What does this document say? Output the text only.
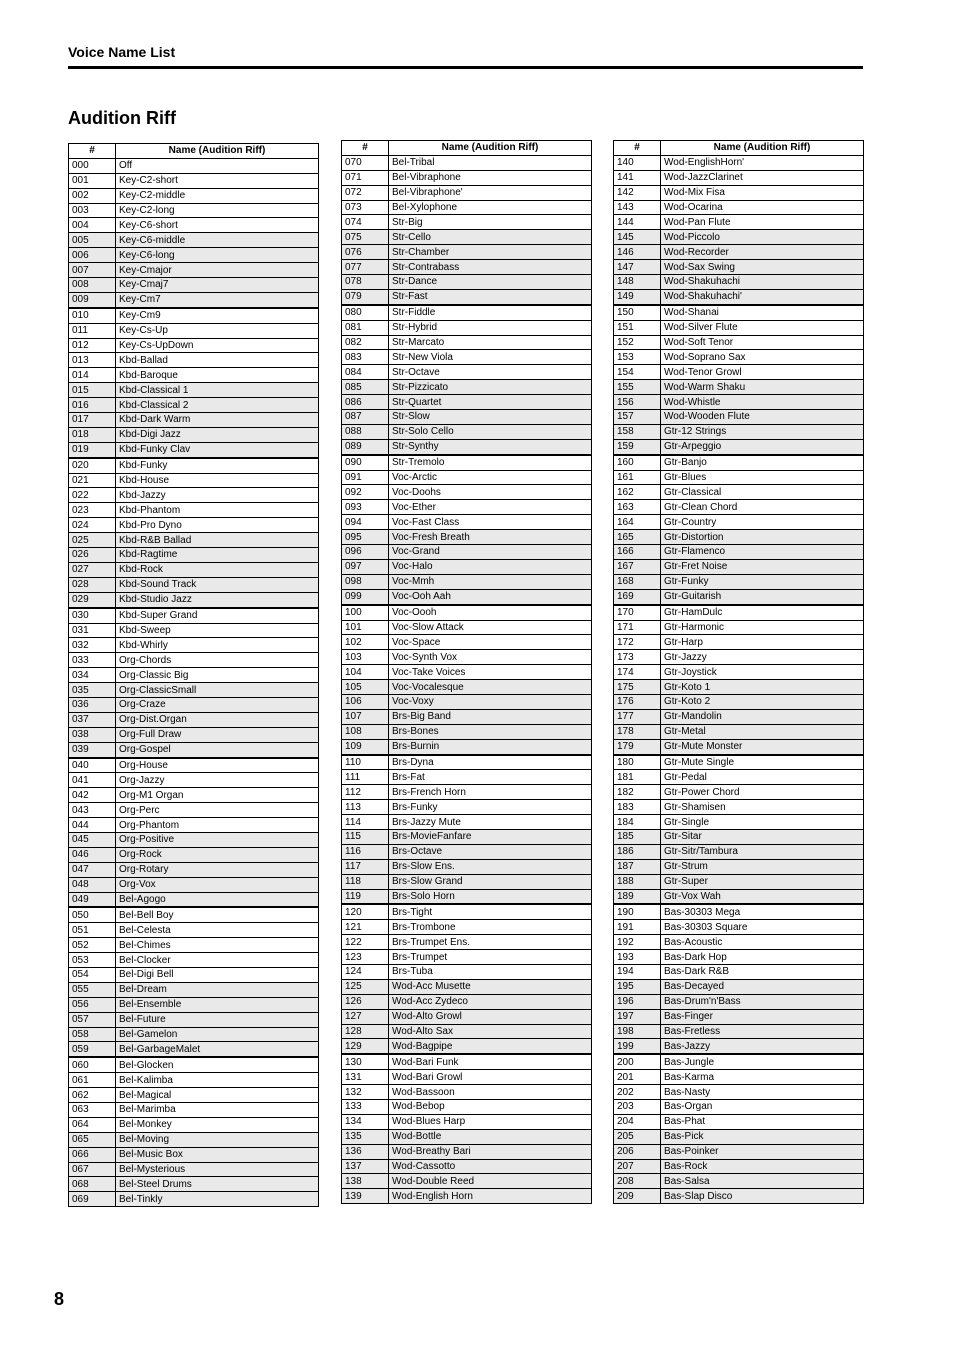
Voice Name List
Audition Riff
#	Name (Audition Riff)
000	Off
001	Key-C2-short
002	Key-C2-middle
003	Key-C2-long
004	Key-C6-short
005	Key-C6-middle
006	Key-C6-long
007	Key-Cmajor
008	Key-Cmaj7
009	Key-Cm7
010	Key-Cm9
011	Key-Cs-Up
012	Key-Cs-UpDown
013	Kbd-Ballad
014	Kbd-Baroque
015	Kbd-Classical 1
016	Kbd-Classical 2
017	Kbd-Dark Warm
018	Kbd-Digi Jazz
019	Kbd-Funky Clav
020	Kbd-Funky
021	Kbd-House
022	Kbd-Jazzy
023	Kbd-Phantom
024	Kbd-Pro Dyno
025	Kbd-R&B Ballad
026	Kbd-Ragtime
027	Kbd-Rock
028	Kbd-Sound Track
029	Kbd-Studio Jazz
030	Kbd-Super Grand
031	Kbd-Sweep
032	Kbd-Whirly
033	Org-Chords
034	Org-Classic Big
035	Org-ClassicSmall
036	Org-Craze
037	Org-Dist.Organ
038	Org-Full Draw
039	Org-Gospel
040	Org-House
041	Org-Jazzy
042	Org-M1 Organ
043	Org-Perc
044	Org-Phantom
045	Org-Positive
046	Org-Rock
047	Org-Rotary
048	Org-Vox
049	Bel-Agogo
050	Bel-Bell Boy
051	Bel-Celesta
052	Bel-Chimes
053	Bel-Clocker
054	Bel-Digi Bell
055	Bel-Dream
056	Bel-Ensemble
057	Bel-Future
058	Bel-Gamelon
059	Bel-GarbageMalet
060	Bel-Glocken
061	Bel-Kalimba
062	Bel-Magical
063	Bel-Marimba
064	Bel-Monkey
065	Bel-Moving
066	Bel-Music Box
067	Bel-Mysterious
068	Bel-Steel Drums
069	Bel-Tinkly
#	Name (Audition Riff)
070	Bel-Tribal
071	Bel-Vibraphone
072	Bel-Vibraphone'
073	Bel-Xylophone
074	Str-Big
075	Str-Cello
076	Str-Chamber
077	Str-Contrabass
078	Str-Dance
079	Str-Fast
080	Str-Fiddle
081	Str-Hybrid
082	Str-Marcato
083	Str-New Viola
084	Str-Octave
085	Str-Pizzicato
086	Str-Quartet
087	Str-Slow
088	Str-Solo Cello
089	Str-Synthy
090	Str-Tremolo
091	Voc-Arctic
092	Voc-Doohs
093	Voc-Ether
094	Voc-Fast Class
095	Voc-Fresh Breath
096	Voc-Grand
097	Voc-Halo
098	Voc-Mmh
099	Voc-Ooh Aah
100	Voc-Oooh
101	Voc-Slow Attack
102	Voc-Space
103	Voc-Synth Vox
104	Voc-Take Voices
105	Voc-Vocalesque
106	Voc-Voxy
107	Brs-Big Band
108	Brs-Bones
109	Brs-Burnin
110	Brs-Dyna
111	Brs-Fat
112	Brs-French Horn
113	Brs-Funky
114	Brs-Jazzy Mute
115	Brs-MovieFanfare
116	Brs-Octave
117	Brs-Slow Ens.
118	Brs-Slow Grand
119	Brs-Solo Horn
120	Brs-Tight
121	Brs-Trombone
122	Brs-Trumpet Ens.
123	Brs-Trumpet
124	Brs-Tuba
125	Wod-Acc Musette
126	Wod-Acc Zydeco
127	Wod-Alto Growl
128	Wod-Alto Sax
129	Wod-Bagpipe
130	Wod-Bari Funk
131	Wod-Bari Growl
132	Wod-Bassoon
133	Wod-Bebop
134	Wod-Blues Harp
135	Wod-Bottle
136	Wod-Breathy Bari
137	Wod-Cassotto
138	Wod-Double Reed
139	Wod-English Horn
#	Name (Audition Riff)
140	Wod-EnglishHorn'
141	Wod-JazzClarinet
142	Wod-Mix Fisa
143	Wod-Ocarina
144	Wod-Pan Flute
145	Wod-Piccolo
146	Wod-Recorder
147	Wod-Sax Swing
148	Wod-Shakuhachi
149	Wod-Shakuhachi'
150	Wod-Shanai
151	Wod-Silver Flute
152	Wod-Soft Tenor
153	Wod-Soprano Sax
154	Wod-Tenor Growl
155	Wod-Warm Shaku
156	Wod-Whistle
157	Wod-Wooden Flute
158	Gtr-12 Strings
159	Gtr-Arpeggio
160	Gtr-Banjo
161	Gtr-Blues
162	Gtr-Classical
163	Gtr-Clean Chord
164	Gtr-Country
165	Gtr-Distortion
166	Gtr-Flamenco
167	Gtr-Fret Noise
168	Gtr-Funky
169	Gtr-Guitarish
170	Gtr-HamDulc
171	Gtr-Harmonic
172	Gtr-Harp
173	Gtr-Jazzy
174	Gtr-Joystick
175	Gtr-Koto 1
176	Gtr-Koto 2
177	Gtr-Mandolin
178	Gtr-Metal
179	Gtr-Mute Monster
180	Gtr-Mute Single
181	Gtr-Pedal
182	Gtr-Power Chord
183	Gtr-Shamisen
184	Gtr-Single
185	Gtr-Sitar
186	Gtr-Sitr/Tambura
187	Gtr-Strum
188	Gtr-Super
189	Gtr-Vox Wah
190	Bas-30303 Mega
191	Bas-30303 Square
192	Bas-Acoustic
193	Bas-Dark Hop
194	Bas-Dark R&B
195	Bas-Decayed
196	Bas-Drum'n'Bass
197	Bas-Finger
198	Bas-Fretless
199	Bas-Jazzy
200	Bas-Jungle
201	Bas-Karma
202	Bas-Nasty
203	Bas-Organ
204	Bas-Phat
205	Bas-Pick
206	Bas-Poinker
207	Bas-Rock
208	Bas-Salsa
209	Bas-Slap Disco
8
